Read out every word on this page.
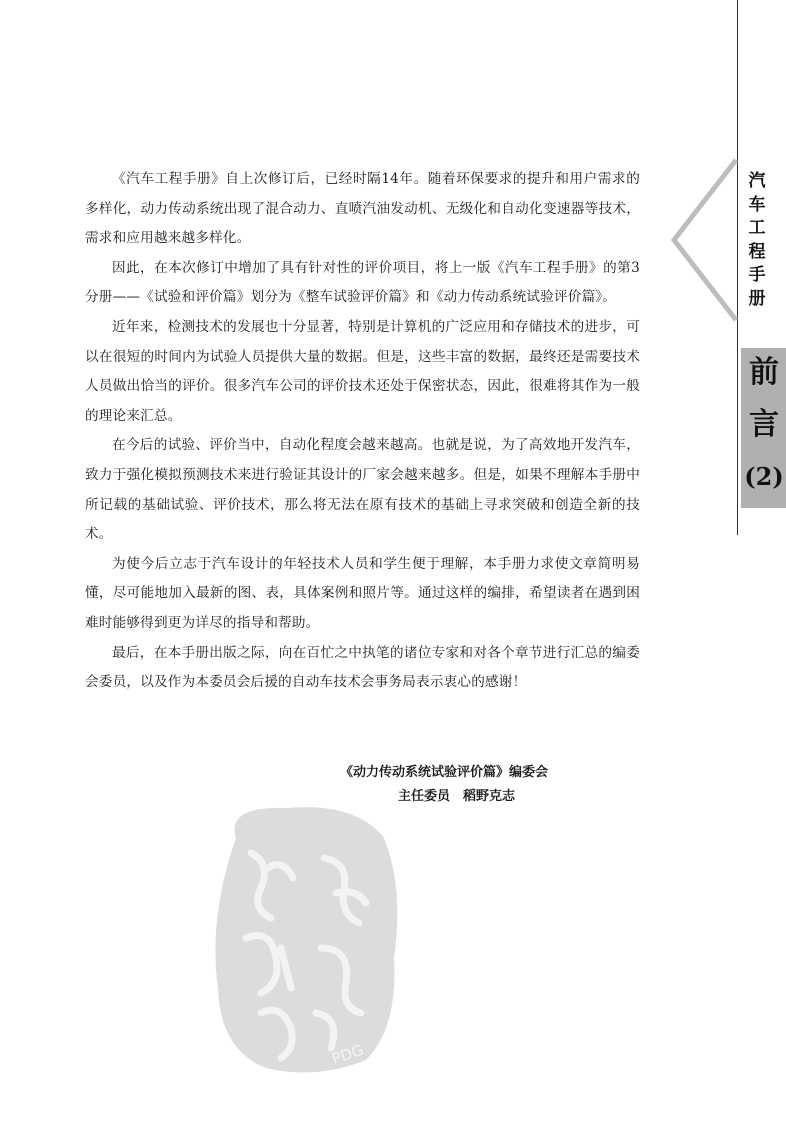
《汽车工程手册》自上次修订后，已经时隔14年。随着环保要求的提升和用户需求的多样化，动力传动系统出现了混合动力、直喷汽油发动机、无级化和自动化变速器等技术，需求和应用越来越多样化。

因此，在本次修订中增加了具有针对性的评价项目，将上一版《汽车工程手册》的第3分册——《试验和评价篇》划分为《整车试验评价篇》和《动力传动系统试验评价篇》。

近年来，检测技术的发展也十分显著，特别是计算机的广泛应用和存储技术的进步，可以在很短的时间内为试验人员提供大量的数据。但是，这些丰富的数据，最终还是需要技术人员做出恰当的评价。很多汽车公司的评价技术还处于保密状态，因此，很难将其作为一般的理论来汇总。

在今后的试验、评价当中，自动化程度会越来越高。也就是说，为了高效地开发汽车，致力于强化模拟预测技术来进行验证其设计的厂家会越来越多。但是，如果不理解本手册中所记载的基础试验、评价技术，那么将无法在原有技术的基础上寻求突破和创造全新的技术。

为使今后立志于汽车设计的年轻技术人员和学生便于理解，本手册力求使文章简明易懂，尽可能地加入最新的图、表，具体案例和照片等。通过这样的编排，希望读者在遇到困难时能够得到更为详尽的指导和帮助。

最后，在本手册出版之际，向在百忙之中执笔的诸位专家和对各个章节进行汇总的编委会委员，以及作为本委员会后援的自动车技术会事务局表示衷心的感谢！

《动力传动系统试验评价篇》编委会
主任委员　稻野克志
汽
车
工
程
手
册
前
言
(2)
PDG
